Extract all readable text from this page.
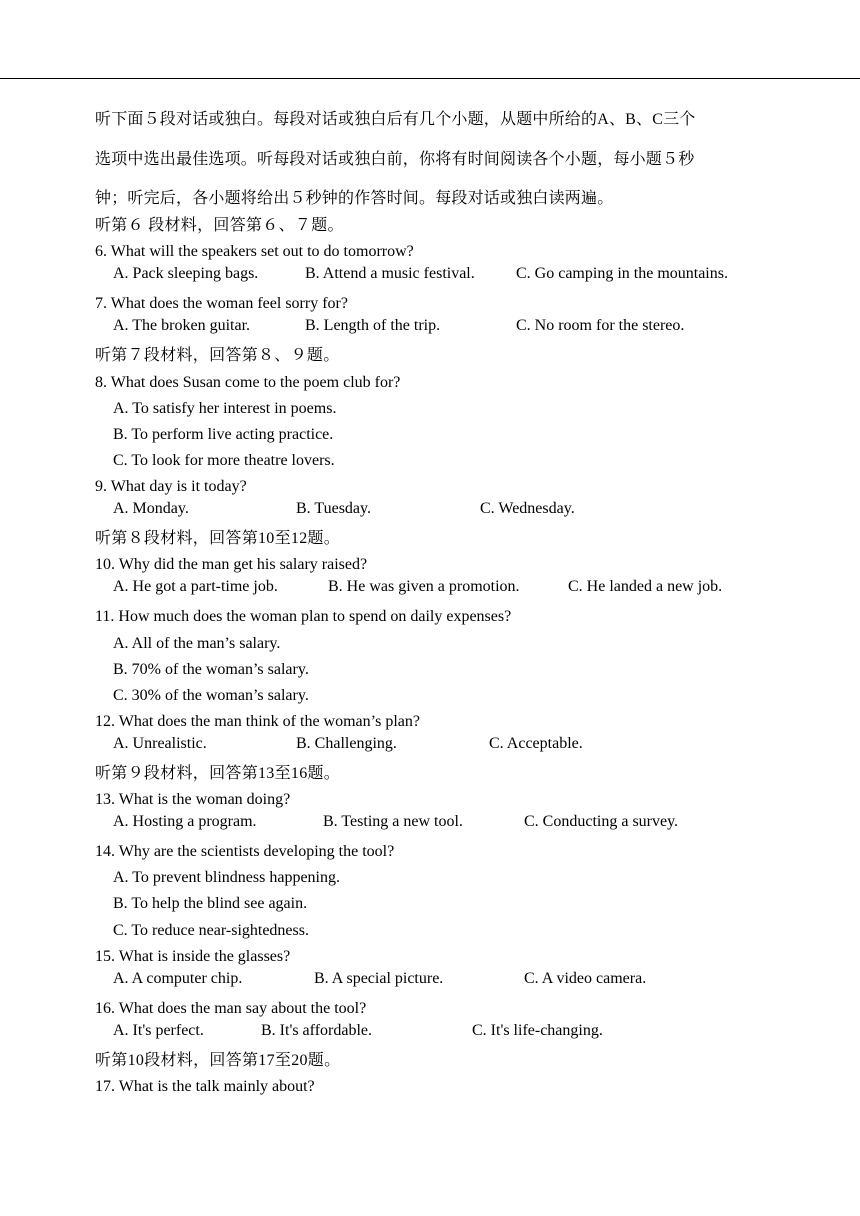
听下面５段对话或独白。每段对话或独白后有几个小题，从题中所给的A、B、C三个

选项中选出最佳选项。听每段对话或独白前，你将有时间阅读各个小题，每小题５秒

钟；听完后，各小题将给出５秒钟的作答时间。每段对话或独白读两遍。

听第６ 段材料，回答第６、７题。
6. What will the speakers set out to do tomorrow?
A. Pack sleeping bags.	B. Attend a music festival.	C. Go camping in the mountains.
7. What does the woman feel sorry for?
A. The broken guitar.	B. Length of the trip.	C. No room for the stereo.
听第７段材料，回答第８、９题。
8. What does Susan come to the poem club for?
A. To satisfy her interest in poems.
B. To perform live acting practice.
C. To look for more theatre lovers.
9. What day is it today?
A. Monday.	B. Tuesday.	C. Wednesday.
听第８段材料，回答第10至12题。
10. Why did the man get his salary raised?
A. He got a part-time job.	B. He was given a promotion.	C. He landed a new job.
11. How much does the woman plan to spend on daily expenses?
A. All of the man’s salary.
B. 70% of the woman’s salary.
C. 30% of the woman’s salary.
12. What does the man think of the woman’s plan?
A. Unrealistic.	B. Challenging.	C. Acceptable.
听第９段材料，回答第13至16题。
13. What is the woman doing?
A. Hosting a program.	B. Testing a new tool.	C. Conducting a survey.
14. Why are the scientists developing the tool?
A. To prevent blindness happening.
B. To help the blind see again.
C. To reduce near-sightedness.
15. What is inside the glasses?
A. A computer chip.	B. A special picture.	C. A video camera.
16. What does the man say about the tool?
A. It's perfect.	B. It's affordable.	C. It's life-changing.
听第10段材料，回答第17至20题。
17. What is the talk mainly about?
